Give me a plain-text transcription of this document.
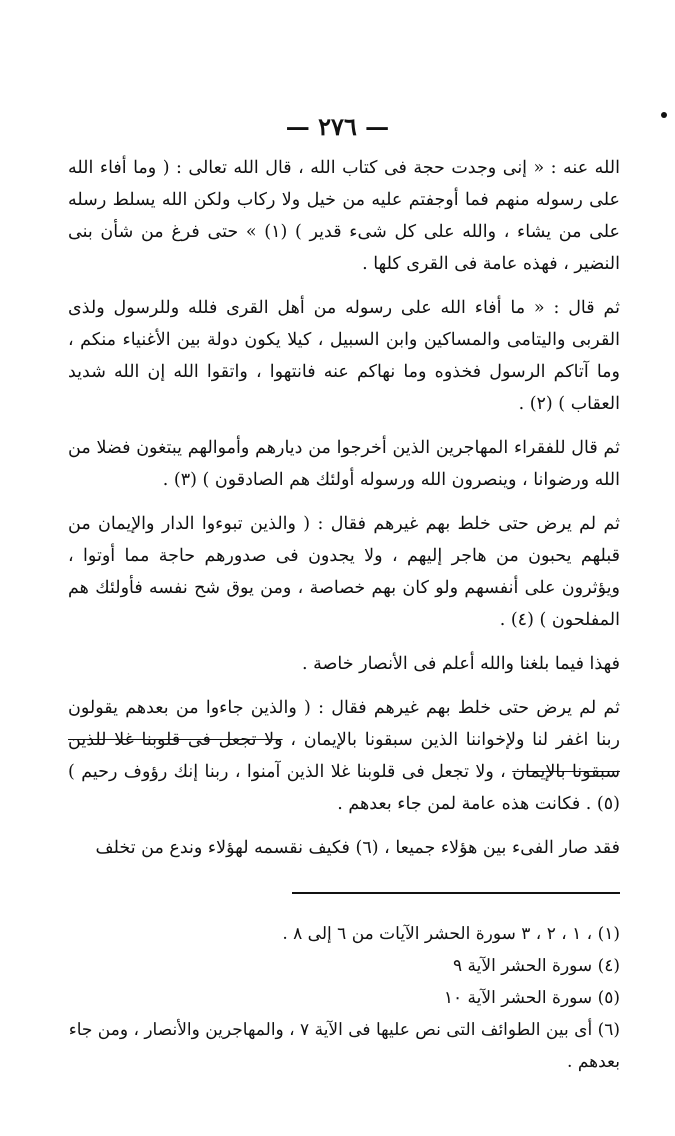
— ٢٧٦ —

الله عنه : « إنى وجدت حجة فى كتاب الله ، قال الله تعالى : ( وما أفاء الله على رسوله منهم فما أوجفتم عليه من خيل ولا ركاب ولكن الله يسلط رسله على من يشاء ، والله على كل شىء قدير ) (١) » حتى فرغ من شأن بنى النضير ، فهذه عامة فى القرى كلها .

ثم قال : « ما أفاء الله على رسوله من أهل القرى فلله وللرسول ولذى القربى واليتامى والمساكين وابن السبيل ، كيلا يكون دولة بين الأغنياء منكم ، وما آتاكم الرسول فخذوه وما نهاكم عنه فانتهوا ، واتقوا الله إن الله شديد العقاب ) (٢) .

ثم قال للفقراء المهاجرين الذين أخرجوا من ديارهم وأموالهم يبتغون فضلا من الله ورضوانا ، وينصرون الله ورسوله أولئك هم الصادقون ) (٣) .

ثم لم يرض حتى خلط بهم غيرهم فقال : ( والذين تبوءوا الدار والإيمان من قبلهم يحبون من هاجر إليهم ، ولا يجدون فى صدورهم حاجة مما أوتوا ، ويؤثرون على أنفسهم ولو كان بهم خصاصة ، ومن يوق شح نفسه فأولئك هم المفلحون ) (٤) .

فهذا فيما بلغنا والله أعلم فى الأنصار خاصة .

ثم لم يرض حتى خلط بهم غيرهم فقال : ( والذين جاءوا من بعدهم يقولون ربنا اغفر لنا ولإخواننا الذين سبقونا بالإيمان ، ولا تجعل فى قلوبنا غلا للذين سبقونا بالإيمان ، ولا تجعل فى قلوبنا غلا الذين آمنوا ، ربنا إنك رؤوف رحيم ) (٥) . فكانت هذه عامة لمن جاء بعدهم .

فقد صار الفىء بين هؤلاء جميعا ، (٦) فكيف نقسمه لهؤلاء وندع من تخلف

(١) ، ١ ، ٢ ، ٣ سورة الحشر الآيات من ٦ إلى ٨ .

(٤) سورة الحشر الآية ٩

(٥) سورة الحشر الآية ١٠

(٦) أى بين الطوائف التى نص عليها فى الآية ٧ ، والمهاجرين والأنصار ، ومن جاء بعدهم .
